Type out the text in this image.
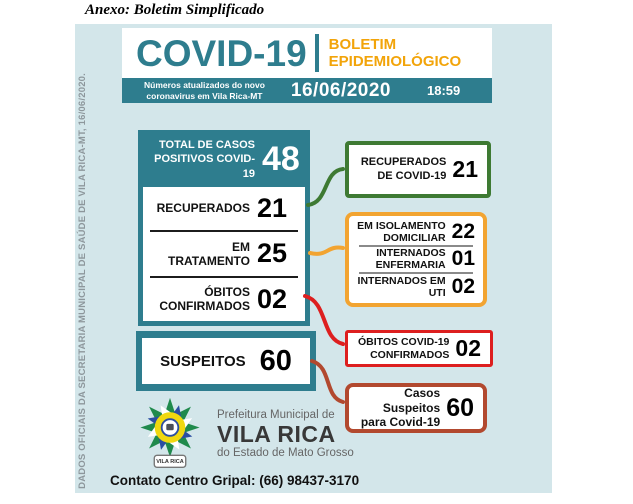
Anexo: Boletim Simplificado
DADOS OFICIAIS DA SECRETARIA MUNICIPAL DE SAÚDE DE VILA RICA-MT, 16/06/2020.
COVID-19 BOLETIM
EPIDEMIOLÓGICO
Números atualizados do novo
coronavirus em Vila Rica-MT 16/06/2020	18:59
TOTAL DE CASOS POSITIVOS COVID-19 48
RECUPERADOS 21
EM TRATAMENTO 25
ÓBITOS CONFIRMADOS 02
SUSPEITOS 60
RECUPERADOS DE COVID-19 21
EM ISOLAMENTO DOMICILIAR 22
INTERNADOS ENFERMARIA 01
INTERNADOS EM UTI 02
ÓBITOS COVID-19 CONFIRMADOS 02
Casos Suspeitos para Covid-19
60
VILA RICA
Prefeitura Municipal de
VILA RICA
do Estado de Mato Grosso
Contato Centro Gripal: (66) 98437-3170
